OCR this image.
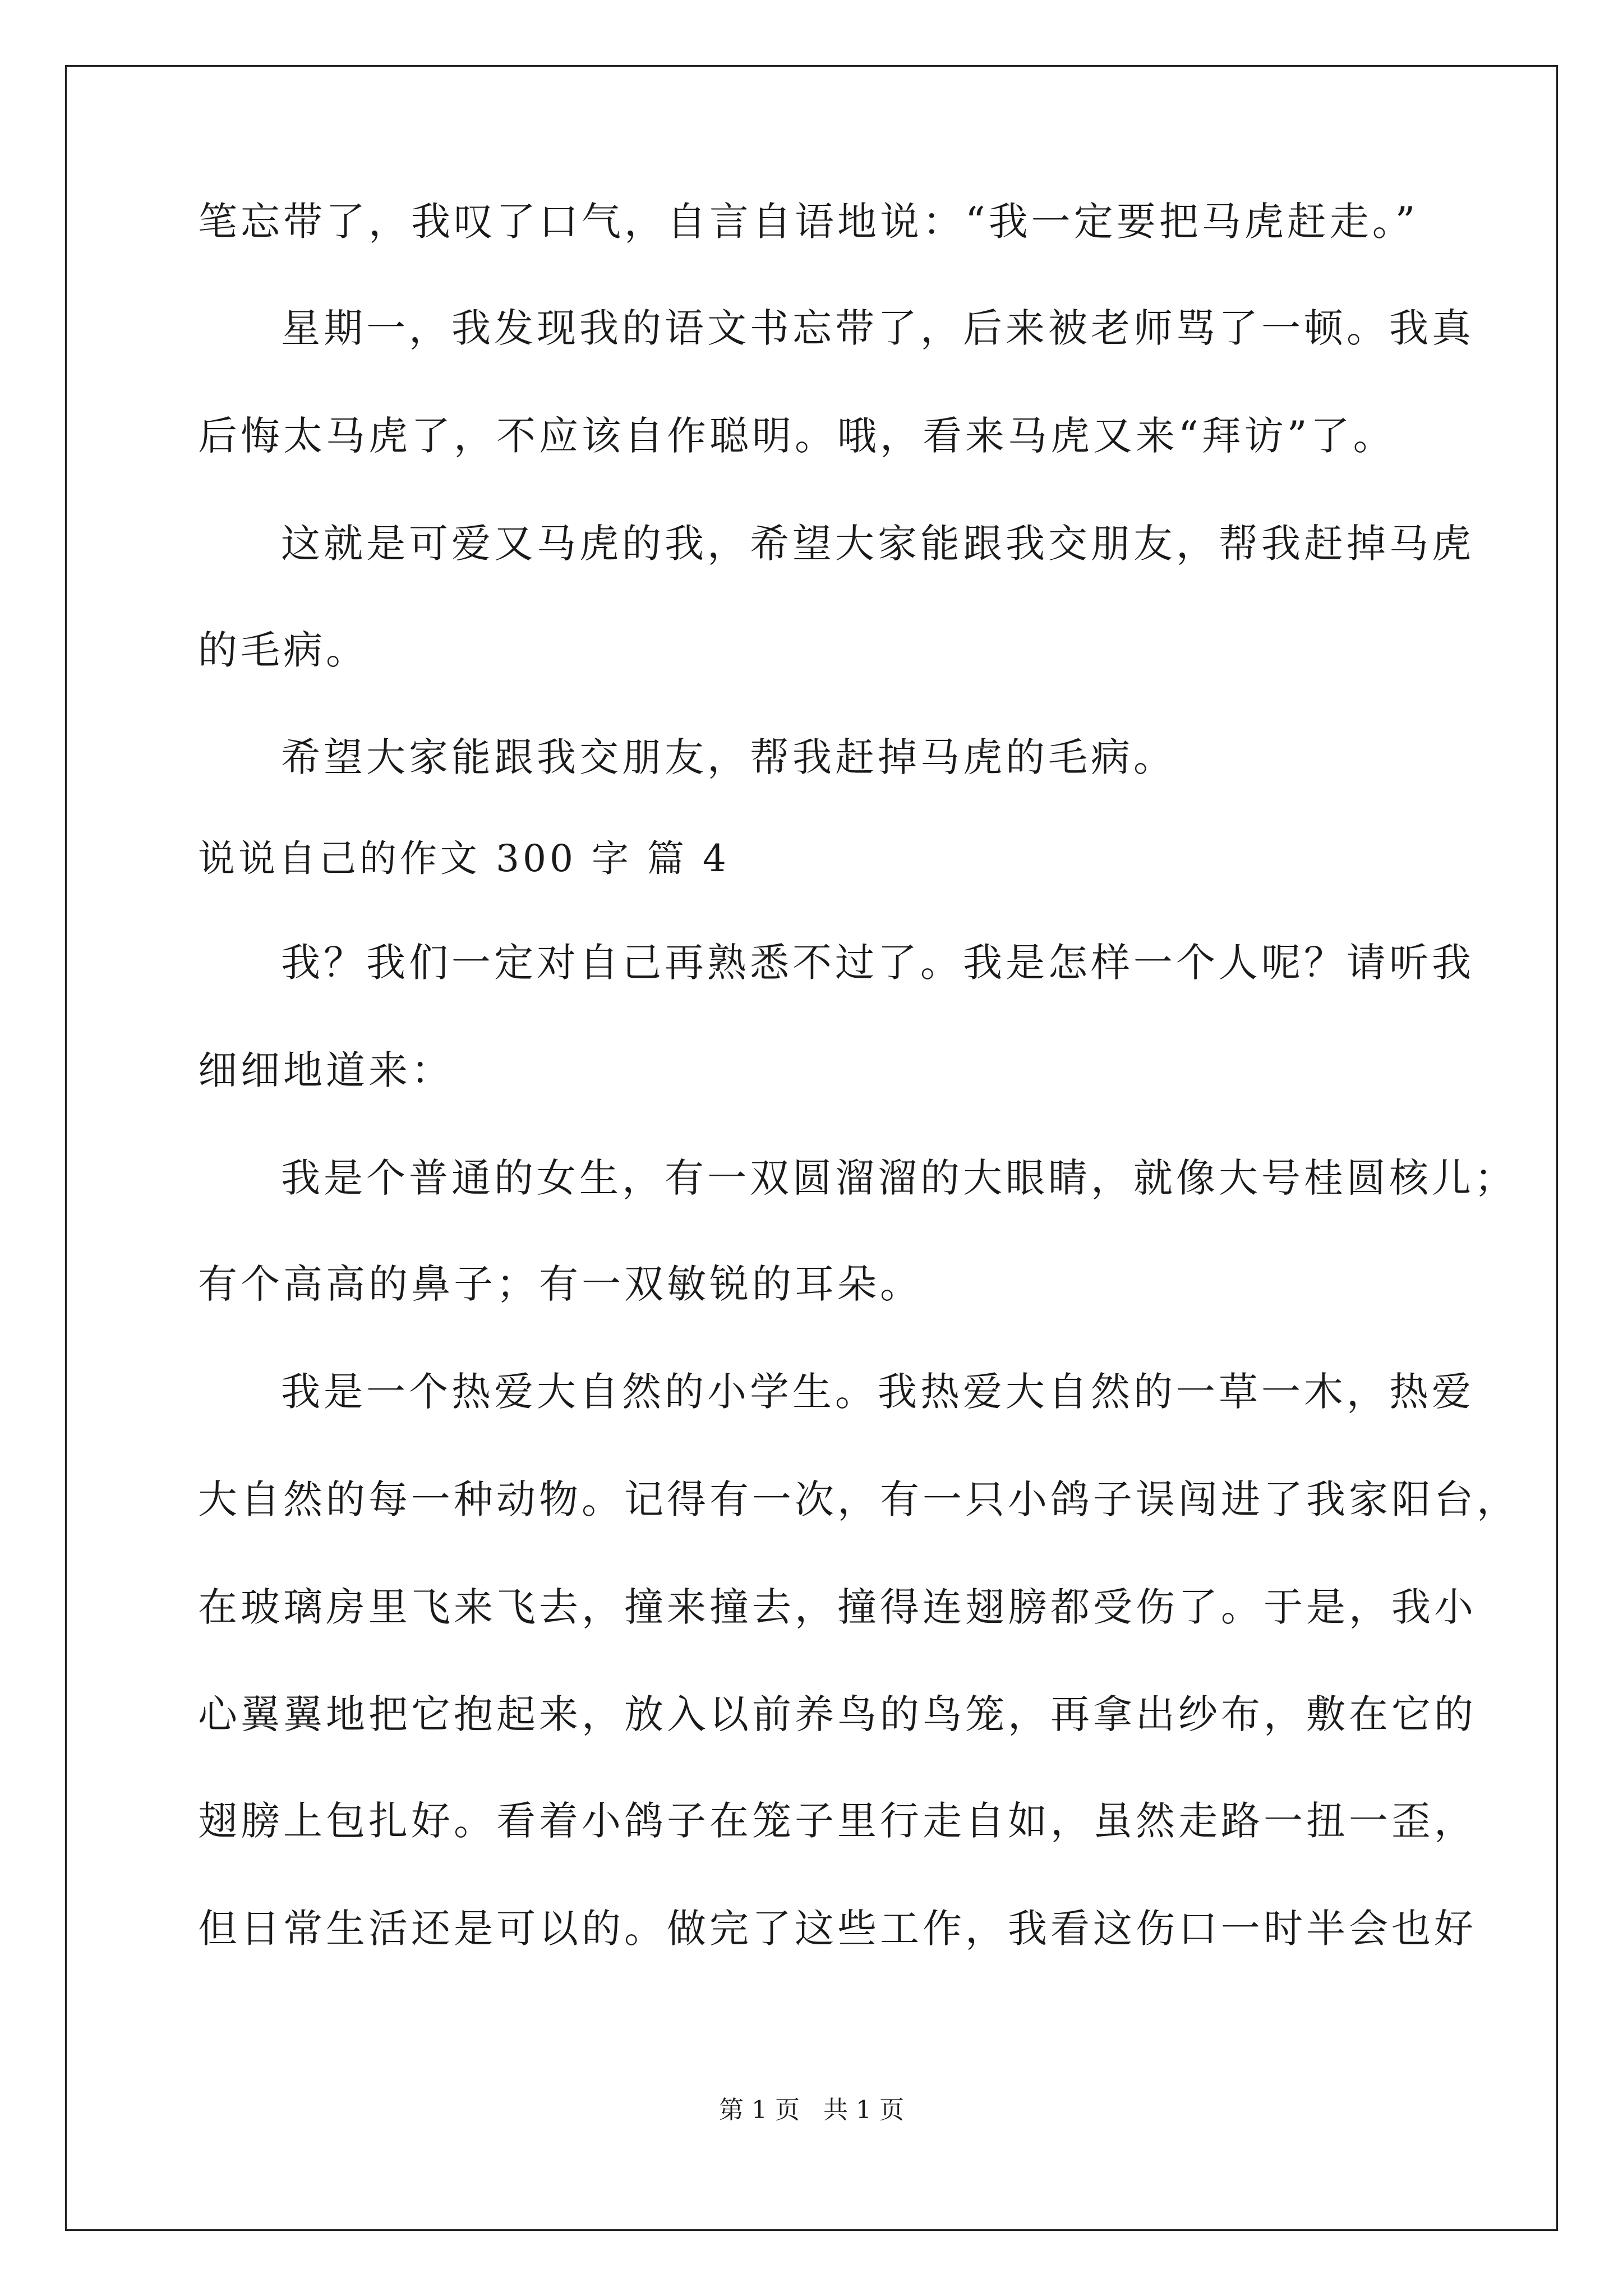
笔忘带了，我叹了口气，自言自语地说：“我一定要把马虎赶走。”
星期一，我发现我的语文书忘带了，后来被老师骂了一顿。我真
后悔太马虎了，不应该自作聪明。哦，看来马虎又来“拜访”了。
这就是可爱又马虎的我，希望大家能跟我交朋友，帮我赶掉马虎
的毛病。
希望大家能跟我交朋友，帮我赶掉马虎的毛病。
说说自己的作文 300 字 篇 4
我？我们一定对自己再熟悉不过了。我是怎样一个人呢？请听我
细细地道来：
我是个普通的女生，有一双圆溜溜的大眼睛，就像大号桂圆核儿；
有个高高的鼻子；有一双敏锐的耳朵。
我是一个热爱大自然的小学生。我热爱大自然的一草一木，热爱
大自然的每一种动物。记得有一次，有一只小鸽子误闯进了我家阳台，
在玻璃房里飞来飞去，撞来撞去，撞得连翅膀都受伤了。于是，我小
心翼翼地把它抱起来，放入以前养鸟的鸟笼，再拿出纱布，敷在它的
翅膀上包扎好。看着小鸽子在笼子里行走自如，虽然走路一扭一歪，
但日常生活还是可以的。做完了这些工作，我看这伤口一时半会也好
第 1 页 共 1 页
